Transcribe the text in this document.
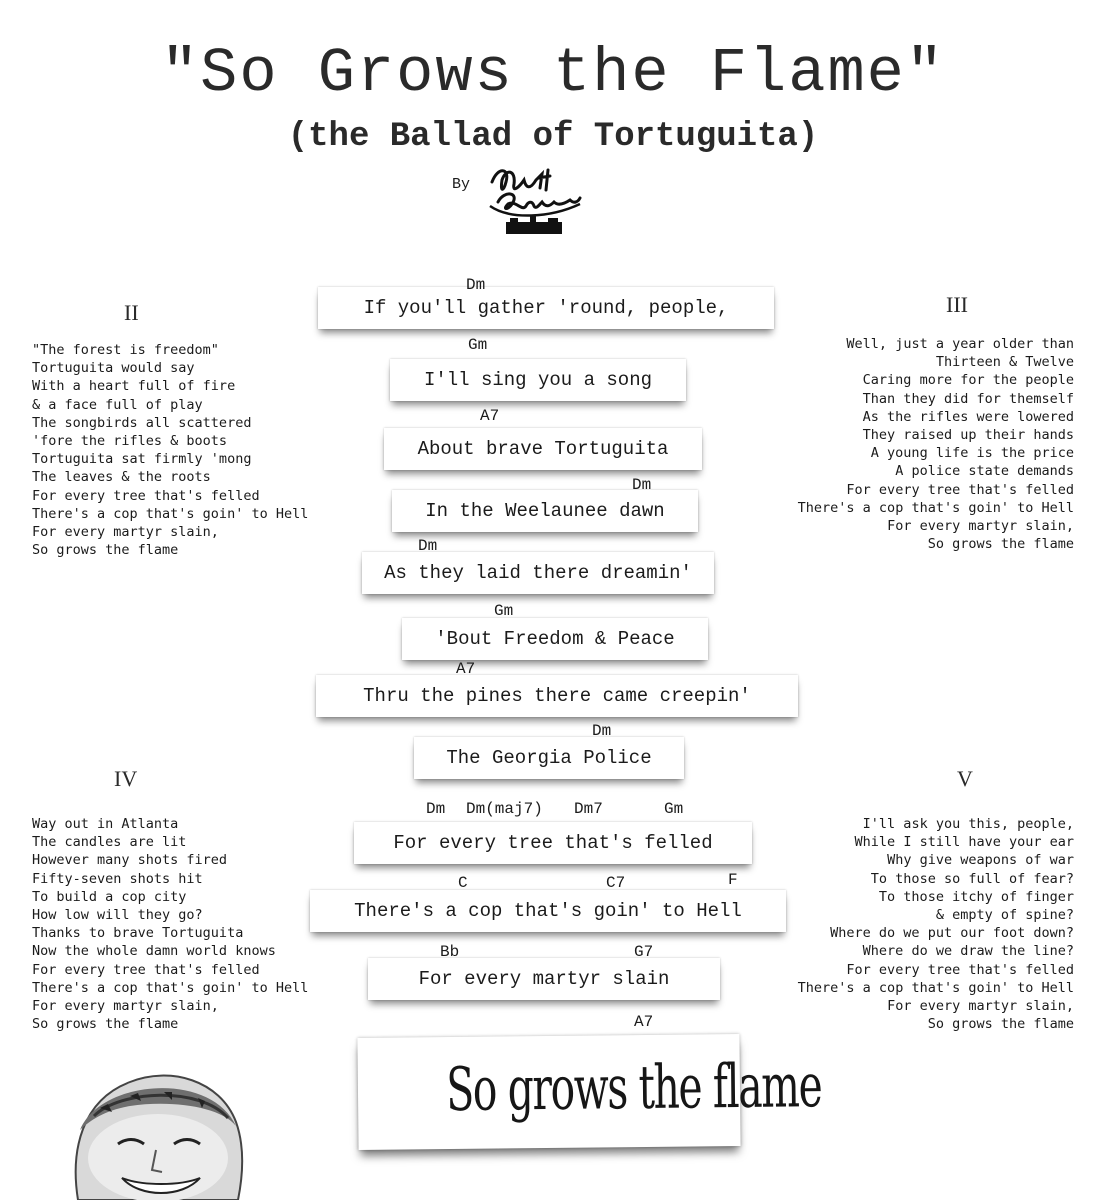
"So Grows the Flame"
(the Ballad of Tortuguita)
By
II	III
IV	V
"The forest is freedom"
Tortuguita would say
With a heart full of fire
& a face full of play
The songbirds all scattered
'fore the rifles & boots
Tortuguita sat firmly 'mong
The leaves & the roots
For every tree that's felled
There's a cop that's goin' to Hell
For every martyr slain,
So grows the flame
Well, just a year older than
Thirteen & Twelve
Caring more for the people
Than they did for themself
As the rifles were lowered
They raised up their hands
A young life is the price
A police state demands
For every tree that's felled
There's a cop that's goin' to Hell
For every martyr slain,
So grows the flame
Way out in Atlanta
The candles are lit
However many shots fired
Fifty-seven shots hit
To build a cop city
How low will they go?
Thanks to brave Tortuguita
Now the whole damn world knows
For every tree that's felled
There's a cop that's goin' to Hell
For every martyr slain,
So grows the flame
I'll ask you this, people,
While I still have your ear
Why give weapons of war
To those so full of fear?
To those itchy of finger
& empty of spine?
Where do we put our foot down?
Where do we draw the line?
For every tree that's felled
There's a cop that's goin' to Hell
For every martyr slain,
So grows the flame
If you'll gather 'round, people,
I'll sing you a song
About brave Tortuguita
In the Weelaunee dawn
As they laid there dreamin'
'Bout Freedom & Peace
Thru the pines there came creepin'
The Georgia Police
For every tree that's felled
There's a cop that's goin' to Hell
For every martyr slain
Dm
Gm
A7
Dm
Dm
Gm
A7
Dm
Dm Dm(maj7) Dm7	Gm
C	C7	F
Bb	G7
A7
So grows the flame
